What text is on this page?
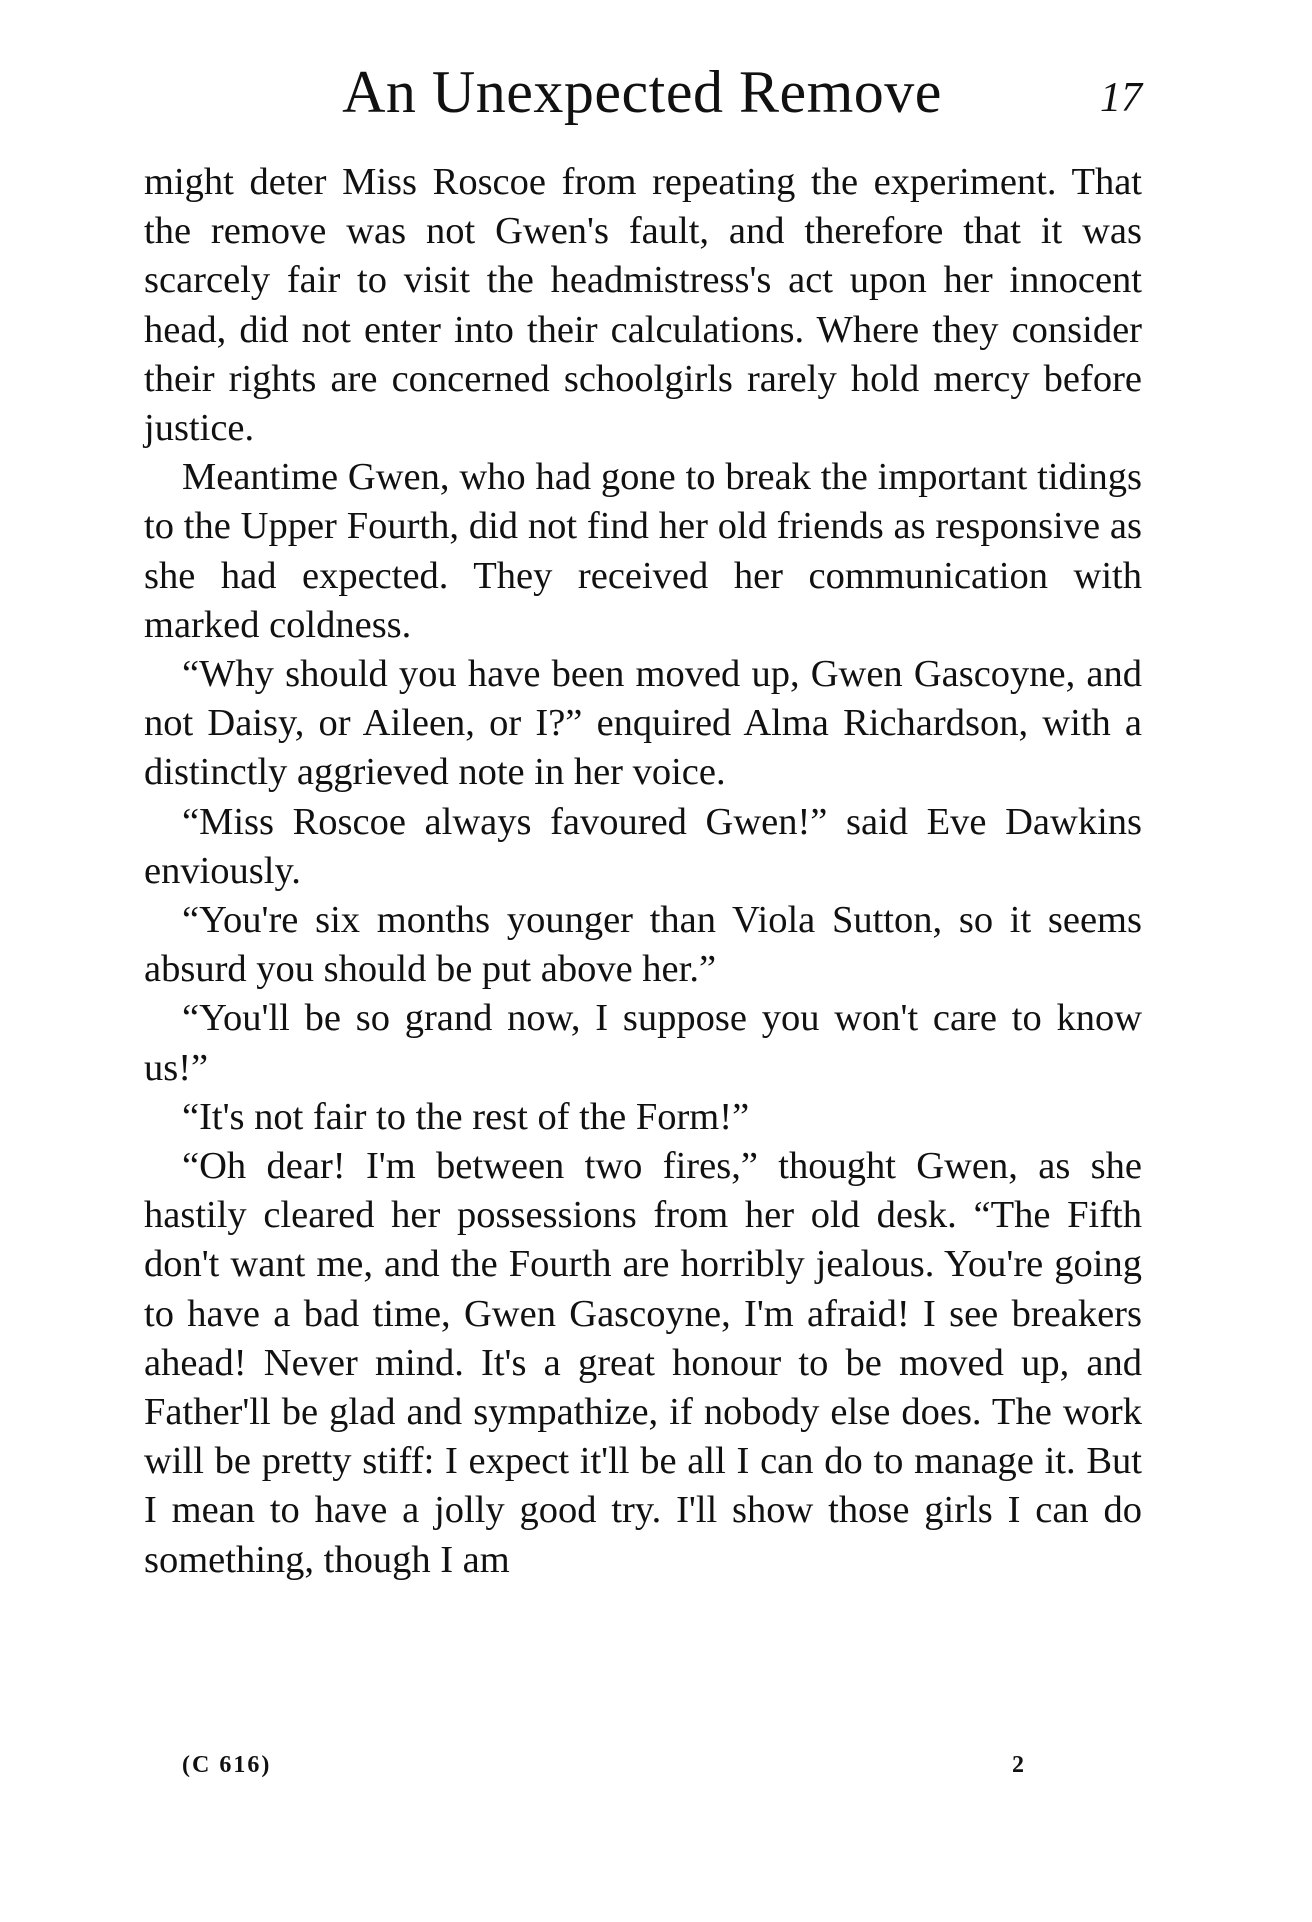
An Unexpected Remove	17

might deter Miss Roscoe from repeating the experiment. That the remove was not Gwen's fault, and therefore that it was scarcely fair to visit the headmistress's act upon her innocent head, did not enter into their calculations. Where they consider their rights are concerned schoolgirls rarely hold mercy before justice.

Meantime Gwen, who had gone to break the important tidings to the Upper Fourth, did not find her old friends as responsive as she had expected. They received her communication with marked coldness.

“Why should you have been moved up, Gwen Gascoyne, and not Daisy, or Aileen, or I?” enquired Alma Richardson, with a distinctly aggrieved note in her voice.

“Miss Roscoe always favoured Gwen!” said Eve Dawkins enviously.

“You're six months younger than Viola Sutton, so it seems absurd you should be put above her.”

“You'll be so grand now, I suppose you won't care to know us!”

“It's not fair to the rest of the Form!”

“Oh dear! I'm between two fires,” thought Gwen, as she hastily cleared her possessions from her old desk. “The Fifth don't want me, and the Fourth are horribly jealous. You're going to have a bad time, Gwen Gascoyne, I'm afraid! I see breakers ahead! Never mind. It's a great honour to be moved up, and Father'll be glad and sympathize, if nobody else does. The work will be pretty stiff: I expect it'll be all I can do to manage it. But I mean to have a jolly good try. I'll show those girls I can do something, though I am

(C 616)	2
